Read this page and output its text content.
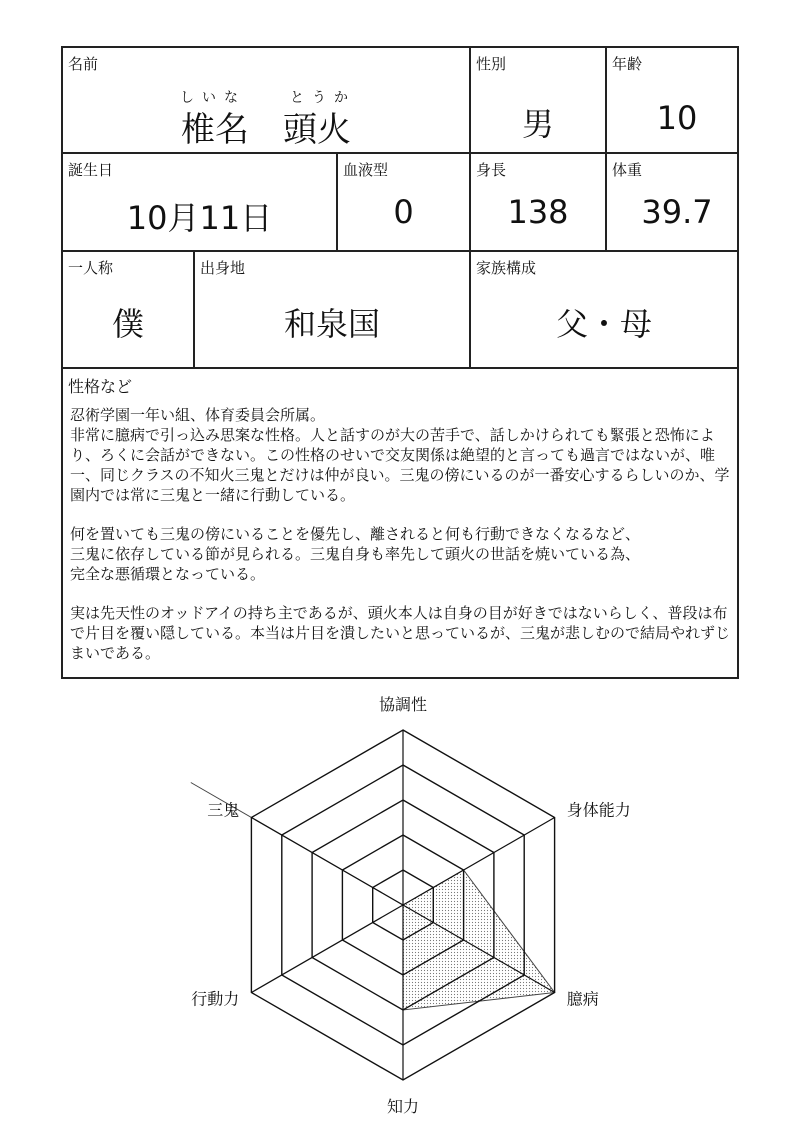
協調性
身体能力
臆病
知力
行動力
三鬼
名前
しいな	とうか
椎名　頭火
性別
男
年齢
10
誕生日
10月11日
血液型
0
身長
138
体重
39.7
一人称
僕
出身地
和泉国
家族構成
父・母
性格など

忍術学園一年い組、体育委員会所属。
非常に臆病で引っ込み思案な性格。人と話すのが大の苦手で、話しかけられても緊張と恐怖により、ろくに会話ができない。この性格のせいで交友関係は絶望的と言っても過言ではないが、唯一、同じクラスの不知火三鬼とだけは仲が良い。三鬼の傍にいるのが一番安心するらしいのか、学園内では常に三鬼と一緒に行動している。

何を置いても三鬼の傍にいることを優先し、離されると何も行動できなくなるなど、
三鬼に依存している節が見られる。三鬼自身も率先して頭火の世話を焼いている為、
完全な悪循環となっている。

実は先天性のオッドアイの持ち主であるが、頭火本人は自身の目が好きではないらしく、普段は布で片目を覆い隠している。本当は片目を潰したいと思っているが、三鬼が悲しむので結局やれずじまいである。
